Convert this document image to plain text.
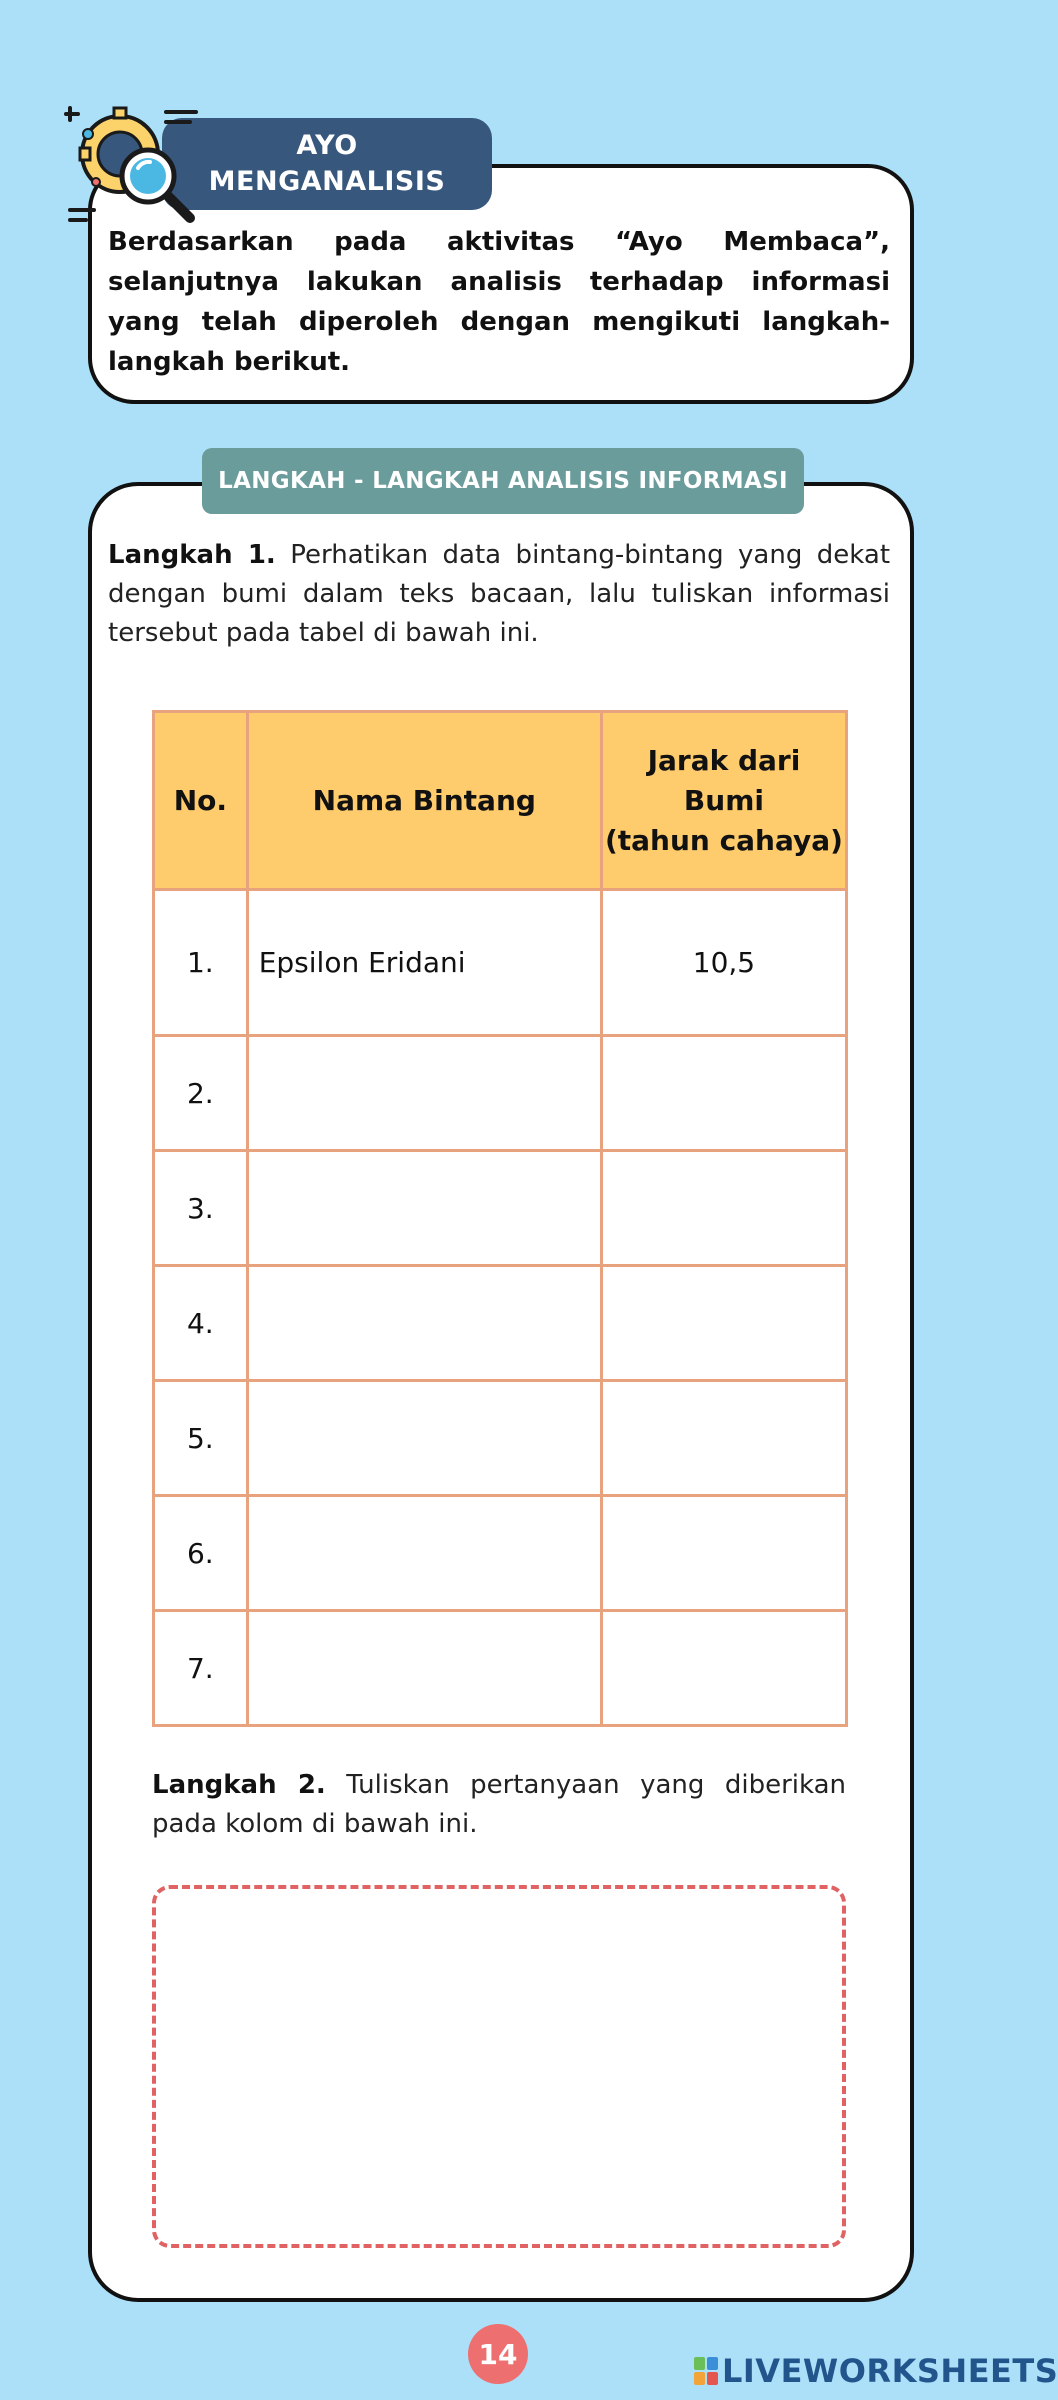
Berdasarkan pada aktivitas “Ayo Membaca”, selanjutnya lakukan analisis terhadap informasi yang telah diperoleh dengan mengikuti langkah-langkah berikut.

AYO
MENGANALISIS
LANGKAH - LANGKAH ANALISIS INFORMASI

Langkah 1. Perhatikan data bintang-bintang yang dekat dengan bumi dalam teks bacaan, lalu tuliskan informasi tersebut pada tabel di bawah ini.

No.	Nama Bintang	Jarak dari
Bumi
(tahun cahaya)
1.	Epsilon Eridani	10,5
2.		
3.		
4.		
5.		
6.		
7.		

Langkah 2. Tuliskan pertanyaan yang diberikan pada kolom di bawah ini.

14	LIVEWORKSHEETS
